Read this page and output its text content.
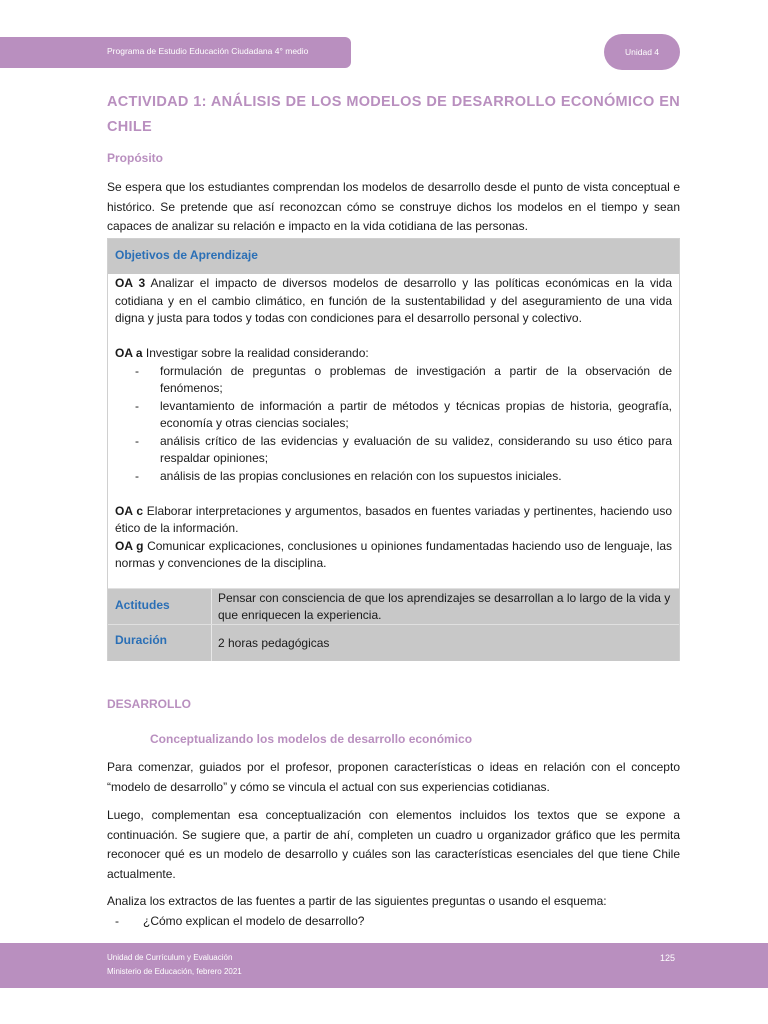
Programa de Estudio Educación Ciudadana 4° medio	Unidad 4
ACTIVIDAD 1: ANÁLISIS DE LOS MODELOS DE DESARROLLO ECONÓMICO EN CHILE
Propósito
Se espera que los estudiantes comprendan los modelos de desarrollo desde el punto de vista conceptual e histórico. Se pretende que así reconozcan cómo se construye dichos los modelos en el tiempo y sean capaces de analizar su relación e impacto en la vida cotidiana de las personas.
Objetivos de Aprendizaje

OA 3 Analizar el impacto de diversos modelos de desarrollo y las políticas económicas en la vida cotidiana y en el cambio climático, en función de la sustentabilidad y del aseguramiento de una vida digna y justa para todos y todas con condiciones para el desarrollo personal y colectivo.

OA a Investigar sobre la realidad considerando:

- formulación de preguntas o problemas de investigación a partir de la observación de fenómenos;
- levantamiento de información a partir de métodos y técnicas propias de historia, geografía, economía y otras ciencias sociales;
- análisis crítico de las evidencias y evaluación de su validez, considerando su uso ético para respaldar opiniones;
- análisis de las propias conclusiones en relación con los supuestos iniciales.

OA c Elaborar interpretaciones y argumentos, basados en fuentes variadas y pertinentes, haciendo uso ético de la información.

OA g Comunicar explicaciones, conclusiones u opiniones fundamentadas haciendo uso de lenguaje, las normas y convenciones de la disciplina.

Actitudes	Pensar con consciencia de que los aprendizajes se desarrollan a lo largo de la vida y que enriquecen la experiencia.
Duración	2 horas pedagógicas
DESARROLLO
Conceptualizando los modelos de desarrollo económico
Para comenzar, guiados por el profesor, proponen características o ideas en relación con el concepto “modelo de desarrollo” y cómo se vincula el actual con sus experiencias cotidianas.
Luego, complementan esa conceptualización con elementos incluidos los textos que se expone a continuación. Se sugiere que, a partir de ahí, completen un cuadro u organizador gráfico que les permita reconocer qué es un modelo de desarrollo y cuáles son las características esenciales del que tiene Chile actualmente.
Analiza los extractos de las fuentes a partir de las siguientes preguntas o usando el esquema:
- ¿Cómo explican el modelo de desarrollo?
Unidad de Currículum y Evaluación
Ministerio de Educación, febrero 2021
125
